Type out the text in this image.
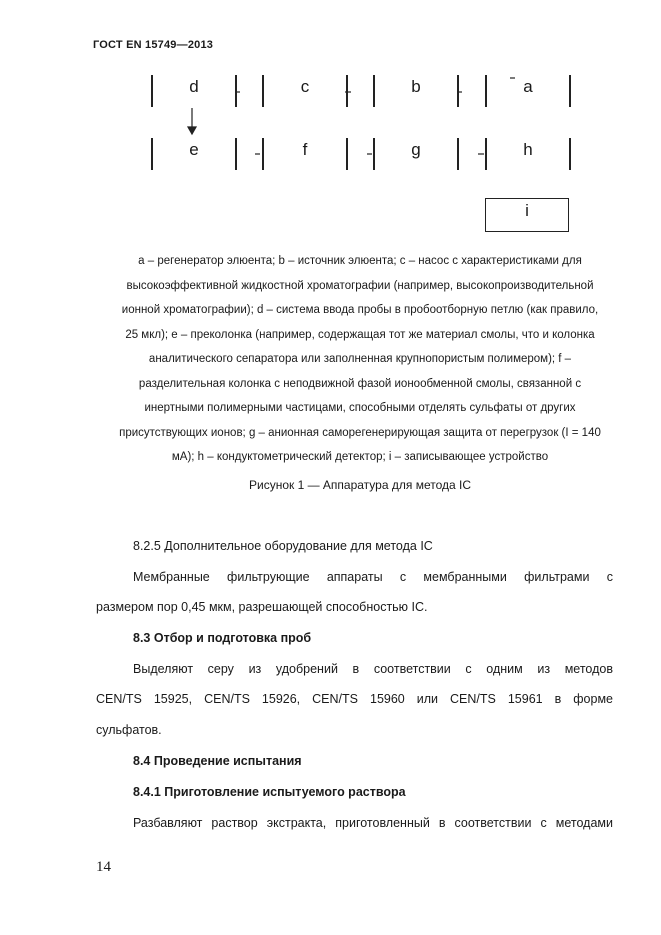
ГОСТ EN 15749—2013
d	c	b	a
e	f	g	h
i
a – регенератор элюента; b – источник элюента; c – насос с характеристиками для
высокоэффективной жидкостной хроматографии (например, высокопроизводительной
ионной хроматографии); d – система ввода пробы в пробоотборную петлю (как правило,
25 мкл); e – преколонка (например, содержащая тот же материал смолы, что и колонка
аналитического сепаратора или заполненная крупнопористым полимером); f –
разделительная колонка с неподвижной фазой ионообменной смолы, связанной с
инертными полимерными частицами, способными отделять сульфаты от других
присутствующих ионов; g – анионная саморегенерирующая защита от перегрузок (I = 140
мА); h – кондуктометрический детектор; i – записывающее устройство
Рисунок 1 — Аппаратура для метода IC
8.2.5 Дополнительное оборудование для метода IC
Мембранные фильтрующие аппараты с мембранными фильтрами с
размером пор 0,45 мкм, разрешающей способностью IC.
8.3 Отбор и подготовка проб
Выделяют серу из удобрений в соответствии с одним из методов
CEN/TS 15925, CEN/TS 15926, CEN/TS 15960 или CEN/TS 15961 в форме
сульфатов.
8.4 Проведение испытания
8.4.1 Приготовление испытуемого раствора
Разбавляют раствор экстракта, приготовленный в соответствии с методами
14
